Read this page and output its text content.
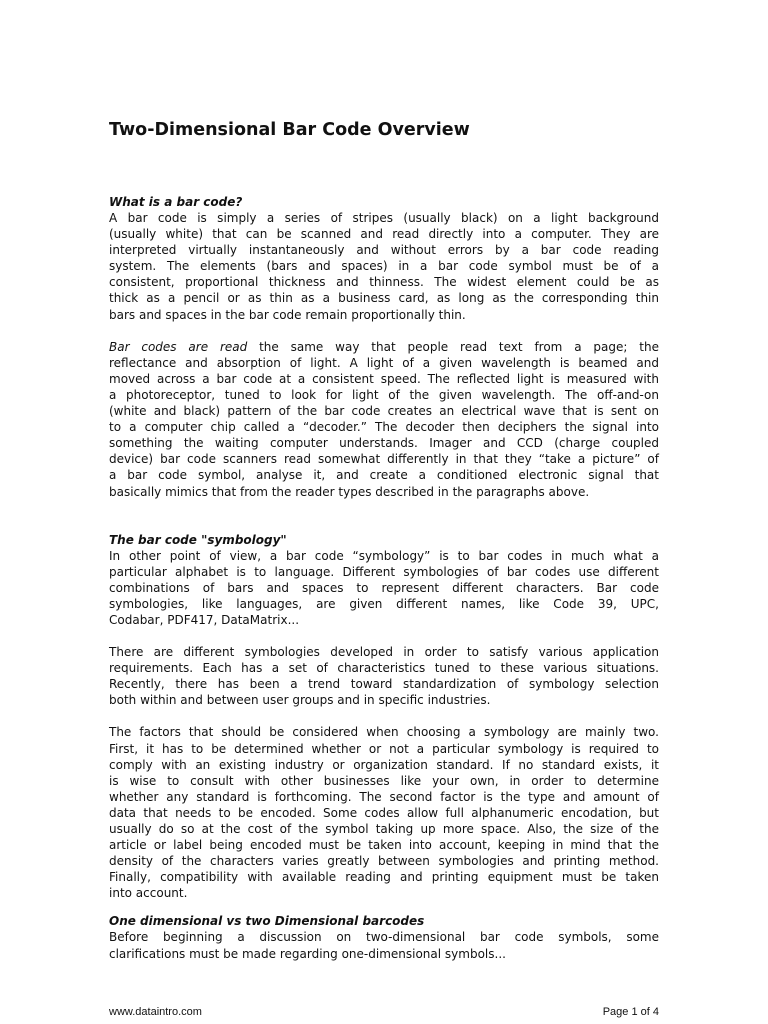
Two-Dimensional Bar Code Overview

What is a bar code?

A bar code is simply a series of stripes (usually black) on a light background
(usually white) that can be scanned and read directly into a computer. They are
interpreted virtually instantaneously and without errors by a bar code reading
system. The elements (bars and spaces) in a bar code symbol must be of a
consistent, proportional thickness and thinness. The widest element could be as
thick as a pencil or as thin as a business card, as long as the corresponding thin
bars and spaces in the bar code remain proportionally thin.
Bar codes are read the same way that people read text from a page; the
reflectance and absorption of light. A light of a given wavelength is beamed and
moved across a bar code at a consistent speed. The reflected light is measured with
a photoreceptor, tuned to look for light of the given wavelength. The off-and-on
(white and black) pattern of the bar code creates an electrical wave that is sent on
to a computer chip called a “decoder.” The decoder then deciphers the signal into
something the waiting computer understands. Imager and CCD (charge coupled
device) bar code scanners read somewhat differently in that they “take a picture” of
a bar code symbol, analyse it, and create a conditioned electronic signal that
basically mimics that from the reader types described in the paragraphs above.

The bar code "symbology"

In other point of view, a bar code “symbology” is to bar codes in much what a
particular alphabet is to language. Different symbologies of bar codes use different
combinations of bars and spaces to represent different characters. Bar code
symbologies, like languages, are given different names, like Code 39, UPC,
Codabar, PDF417, DataMatrix...
There are different symbologies developed in order to satisfy various application
requirements. Each has a set of characteristics tuned to these various situations.
Recently, there has been a trend toward standardization of symbology selection
both within and between user groups and in specific industries.
The factors that should be considered when choosing a symbology are mainly two.
First, it has to be determined whether or not a particular symbology is required to
comply with an existing industry or organization standard. If no standard exists, it
is wise to consult with other businesses like your own, in order to determine
whether any standard is forthcoming. The second factor is the type and amount of
data that needs to be encoded. Some codes allow full alphanumeric encodation, but
usually do so at the cost of the symbol taking up more space. Also, the size of the
article or label being encoded must be taken into account, keeping in mind that the
density of the characters varies greatly between symbologies and printing method.
Finally, compatibility with available reading and printing equipment must be taken
into account.

One dimensional vs two Dimensional barcodes

Before beginning a discussion on two-dimensional bar code symbols, some
clarifications must be made regarding one-dimensional symbols...
www.dataintro.com	Page 1 of 4
